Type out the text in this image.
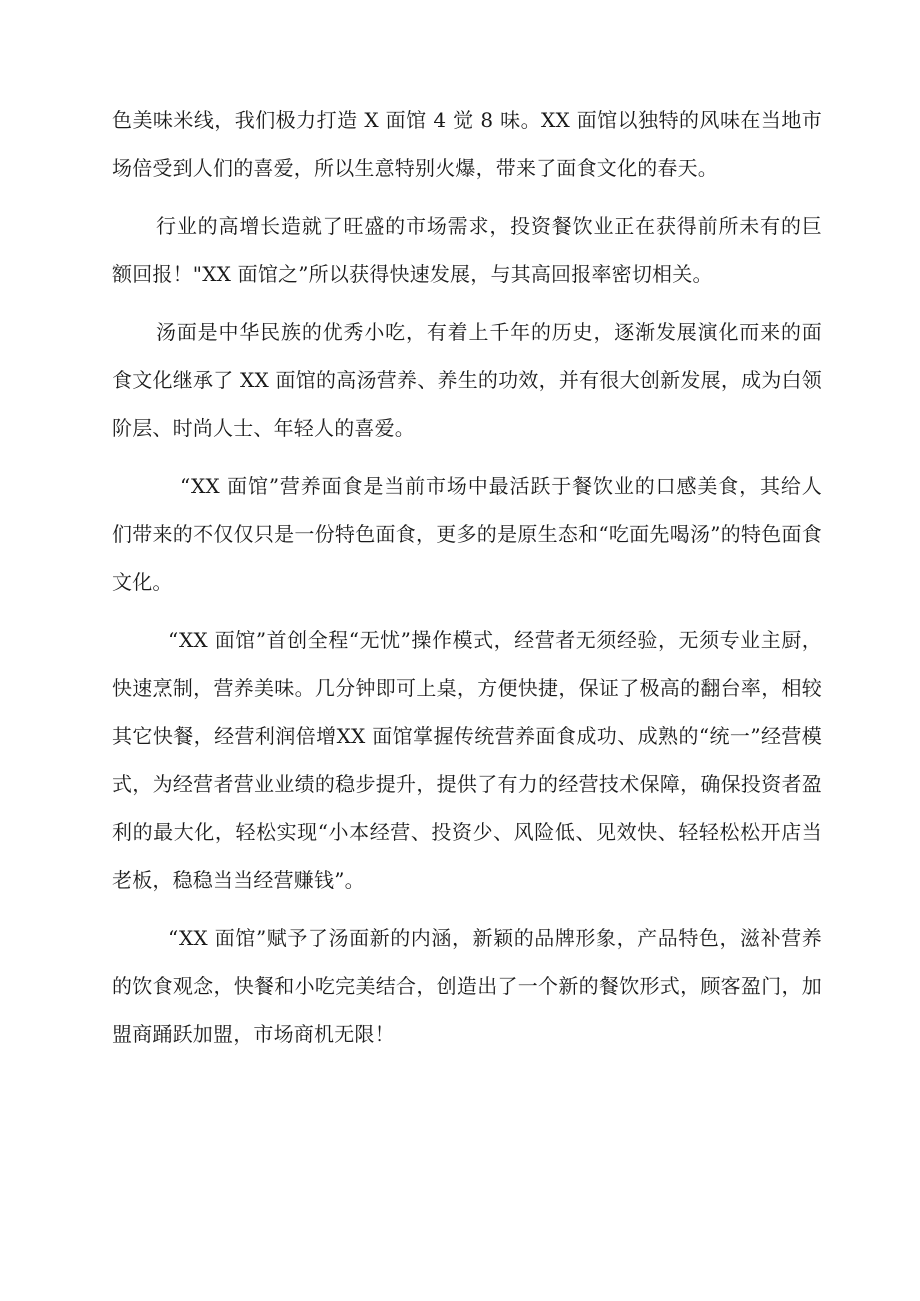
色美味米线，我们极力打造 X 面馆 4 觉 8 味。XX 面馆以独特的风味在当地市场倍受到人们的喜爱，所以生意特别火爆，带来了面食文化的春天。

行业的高增长造就了旺盛的市场需求，投资餐饮业正在获得前所未有的巨额回报！"XX 面馆之”所以获得快速发展，与其高回报率密切相关。

汤面是中华民族的优秀小吃，有着上千年的历史，逐渐发展演化而来的面食文化继承了 XX 面馆的高汤营养、养生的功效，并有很大创新发展，成为白领阶层、时尚人士、年轻人的喜爱。

“XX 面馆”营养面食是当前市场中最活跃于餐饮业的口感美食，其给人们带来的不仅仅只是一份特色面食，更多的是原生态和“吃面先喝汤”的特色面食文化。

“XX 面馆”首创全程“无忧”操作模式，经营者无须经验，无须专业主厨，快速烹制，营养美味。几分钟即可上桌，方便快捷，保证了极高的翻台率，相较其它快餐，经营利润倍增XX 面馆掌握传统营养面食成功、成熟的“统一”经营模式，为经营者营业业绩的稳步提升，提供了有力的经营技术保障，确保投资者盈利的最大化，轻松实现“小本经营、投资少、风险低、见效快、轻轻松松开店当老板，稳稳当当经营赚钱”。

“XX 面馆”赋予了汤面新的内涵，新颖的品牌形象，产品特色，滋补营养的饮食观念，快餐和小吃完美结合，创造出了一个新的餐饮形式，顾客盈门，加盟商踊跃加盟，市场商机无限！
